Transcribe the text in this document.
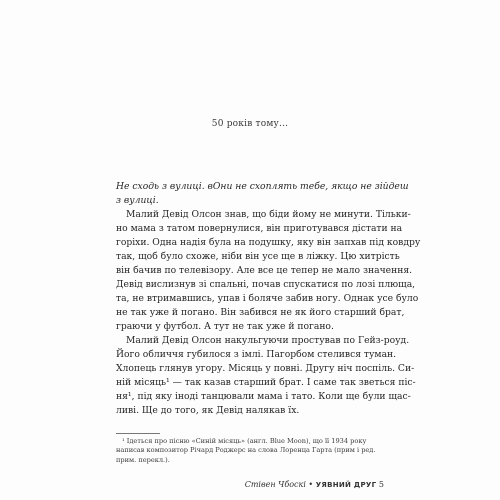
50 років тому...
Не сходь з вулиці. вОни не схоплять тебе, якщо не зійдеш
з вулиці.
Малий Девід Олсон знав, що біди йому не минути. Тільки-
но мама з татом повернулися, він приготувався дістати на
горіхи. Одна надія була на подушку, яку він запхав під ковдру
так, щоб було схоже, ніби він усе ще в ліжку. Цю хитрість
він бачив по телевізору. Але все це тепер не мало значення.
Девід вислизнув зі спальні, почав спускатися по лозі плюща,
та, не втримавшись, упав і боляче забив ногу. Однак усе було
не так уже й погано. Він забився не як його старший брат,
граючи у футбол. А тут не так уже й погано.
Малий Девід Олсон накульгуючи простував по Гейз-роуд.
Його обличчя губилося з імлі. Пагорбом стелився туман.
Хлопець глянув угору. Місяць у повні. Другу ніч поспіль. Си-
ній місяць¹ — так казав старший брат. І саме так зветься піс-
ня¹, під яку іноді танцювали мама і тато. Коли ще були щас-
ливі. Ще до того, як Девід налякав їх.
¹ Ідеться про пісню «Синій місяць» (англ. Blue Moon), що її 1934 року
написав композитор Річард Роджерс на слова Лоренца Гарта (прим і ред.
прим. перекл.).
Стівен Чбоскі • УЯВНИЙ ДРУГ 5
